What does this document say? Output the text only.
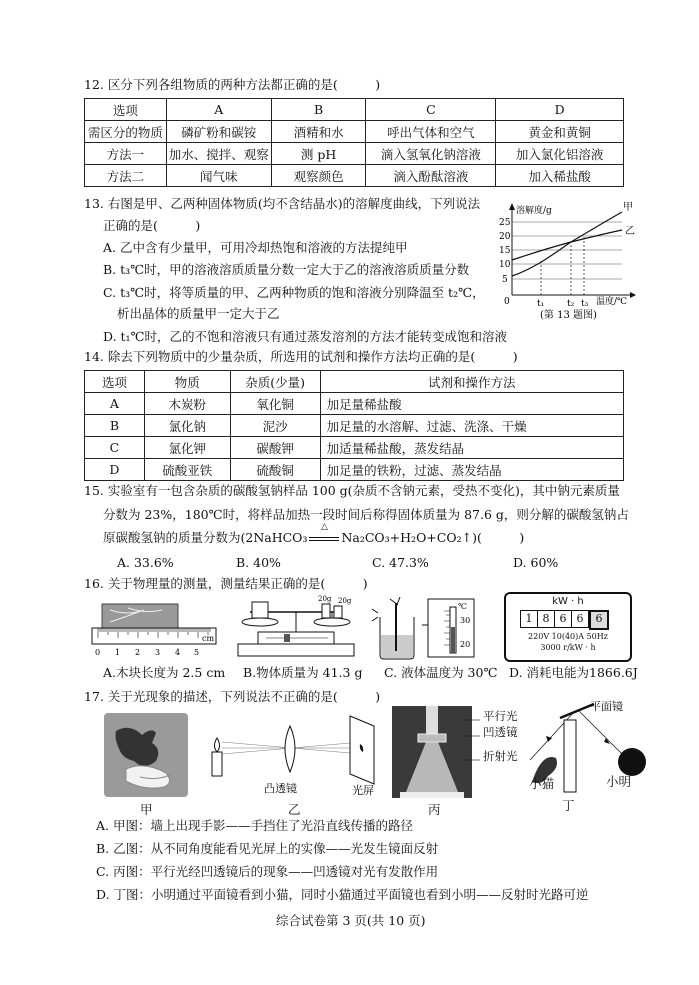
12. 区分下列各组物质的两种方法都正确的是(　　　)
选项	A	B	C	D
需区分的物质	磷矿粉和碳铵	酒精和水	呼出气体和空气	黄金和黄铜
方法一	加水、搅拌、观察	测 pH	滴入氢氧化钠溶液	加入氯化铝溶液
方法二	闻气味	观察颜色	滴入酚酞溶液	加入稀盐酸
13. 右图是甲、乙两种固体物质(均不含结晶水)的溶解度曲线，下列说法
正确的是(　　　)
A. 乙中含有少量甲，可用冷却热饱和溶液的方法提纯甲
B. t₃℃时，甲的溶液溶质质量分数一定大于乙的溶液溶质质量分数
C. t₃℃时，将等质量的甲、乙两种物质的饱和溶液分别降温至 t₂℃，
析出晶体的质量甲一定大于乙
D. t₁℃时，乙的不饱和溶液只有通过蒸发溶剂的方法才能转变成饱和溶液
溶解度/g
25
20
15
10
5
0	t₁	t₂ t₃ 温度/℃
甲
乙
(第 13 题图)
14. 除去下列物质中的少量杂质，所选用的试剂和操作方法均正确的是(　　　)
选项	物质	杂质(少量)	试剂和操作方法
A	木炭粉	氧化铜	加足量稀盐酸
B	氯化钠	泥沙	加足量的水溶解、过滤、洗涤、干燥
C	氯化钾	碳酸钾	加适量稀盐酸，蒸发结晶
D	硫酸亚铁	硫酸铜	加足量的铁粉，过滤、蒸发结晶
15. 实验室有一包含杂质的碳酸氢钠样品 100 g(杂质不含钠元素，受热不变化)，其中钠元素质量
分数为 23%，180℃时，将样品加热一段时间后称得固体质量为 87.6 g，则分解的碳酸氢钠占
原碳酸氢钠的质量分数为(2NaHCO₃
△
Na₂CO₃+H₂O+CO₂↑)(　　　)
A. 33.6%	B. 40%	C. 47.3%	D. 60%
16. 关于物理量的测量，测量结果正确的是(　　　)
0 1 2 3 4 5
cm
20g 20g
℃
30
20
kW · h
1 8 6 6	6
220V 10(40)A 50Hz
3000 r/kW · h
A.木块长度为 2.5 cm B.物体质量为 41.3 g C. 液体温度为 30℃ D. 消耗电能为1866.6J
17. 关于光现象的描述，下列说法不正确的是(　　　)
甲
凸透镜	光屏
乙
平行光
凹透镜
折射光
丙
平面镜
小猫	小明
丁
A. 甲图：墙上出现手影——手挡住了光沿直线传播的路径
B. 乙图：从不同角度能看见光屏上的实像——光发生镜面反射
C. 丙图：平行光经凹透镜后的现象——凹透镜对光有发散作用
D. 丁图：小明通过平面镜看到小猫，同时小猫通过平面镜也看到小明——反射时光路可逆
综合试卷第 3 页(共 10 页)
